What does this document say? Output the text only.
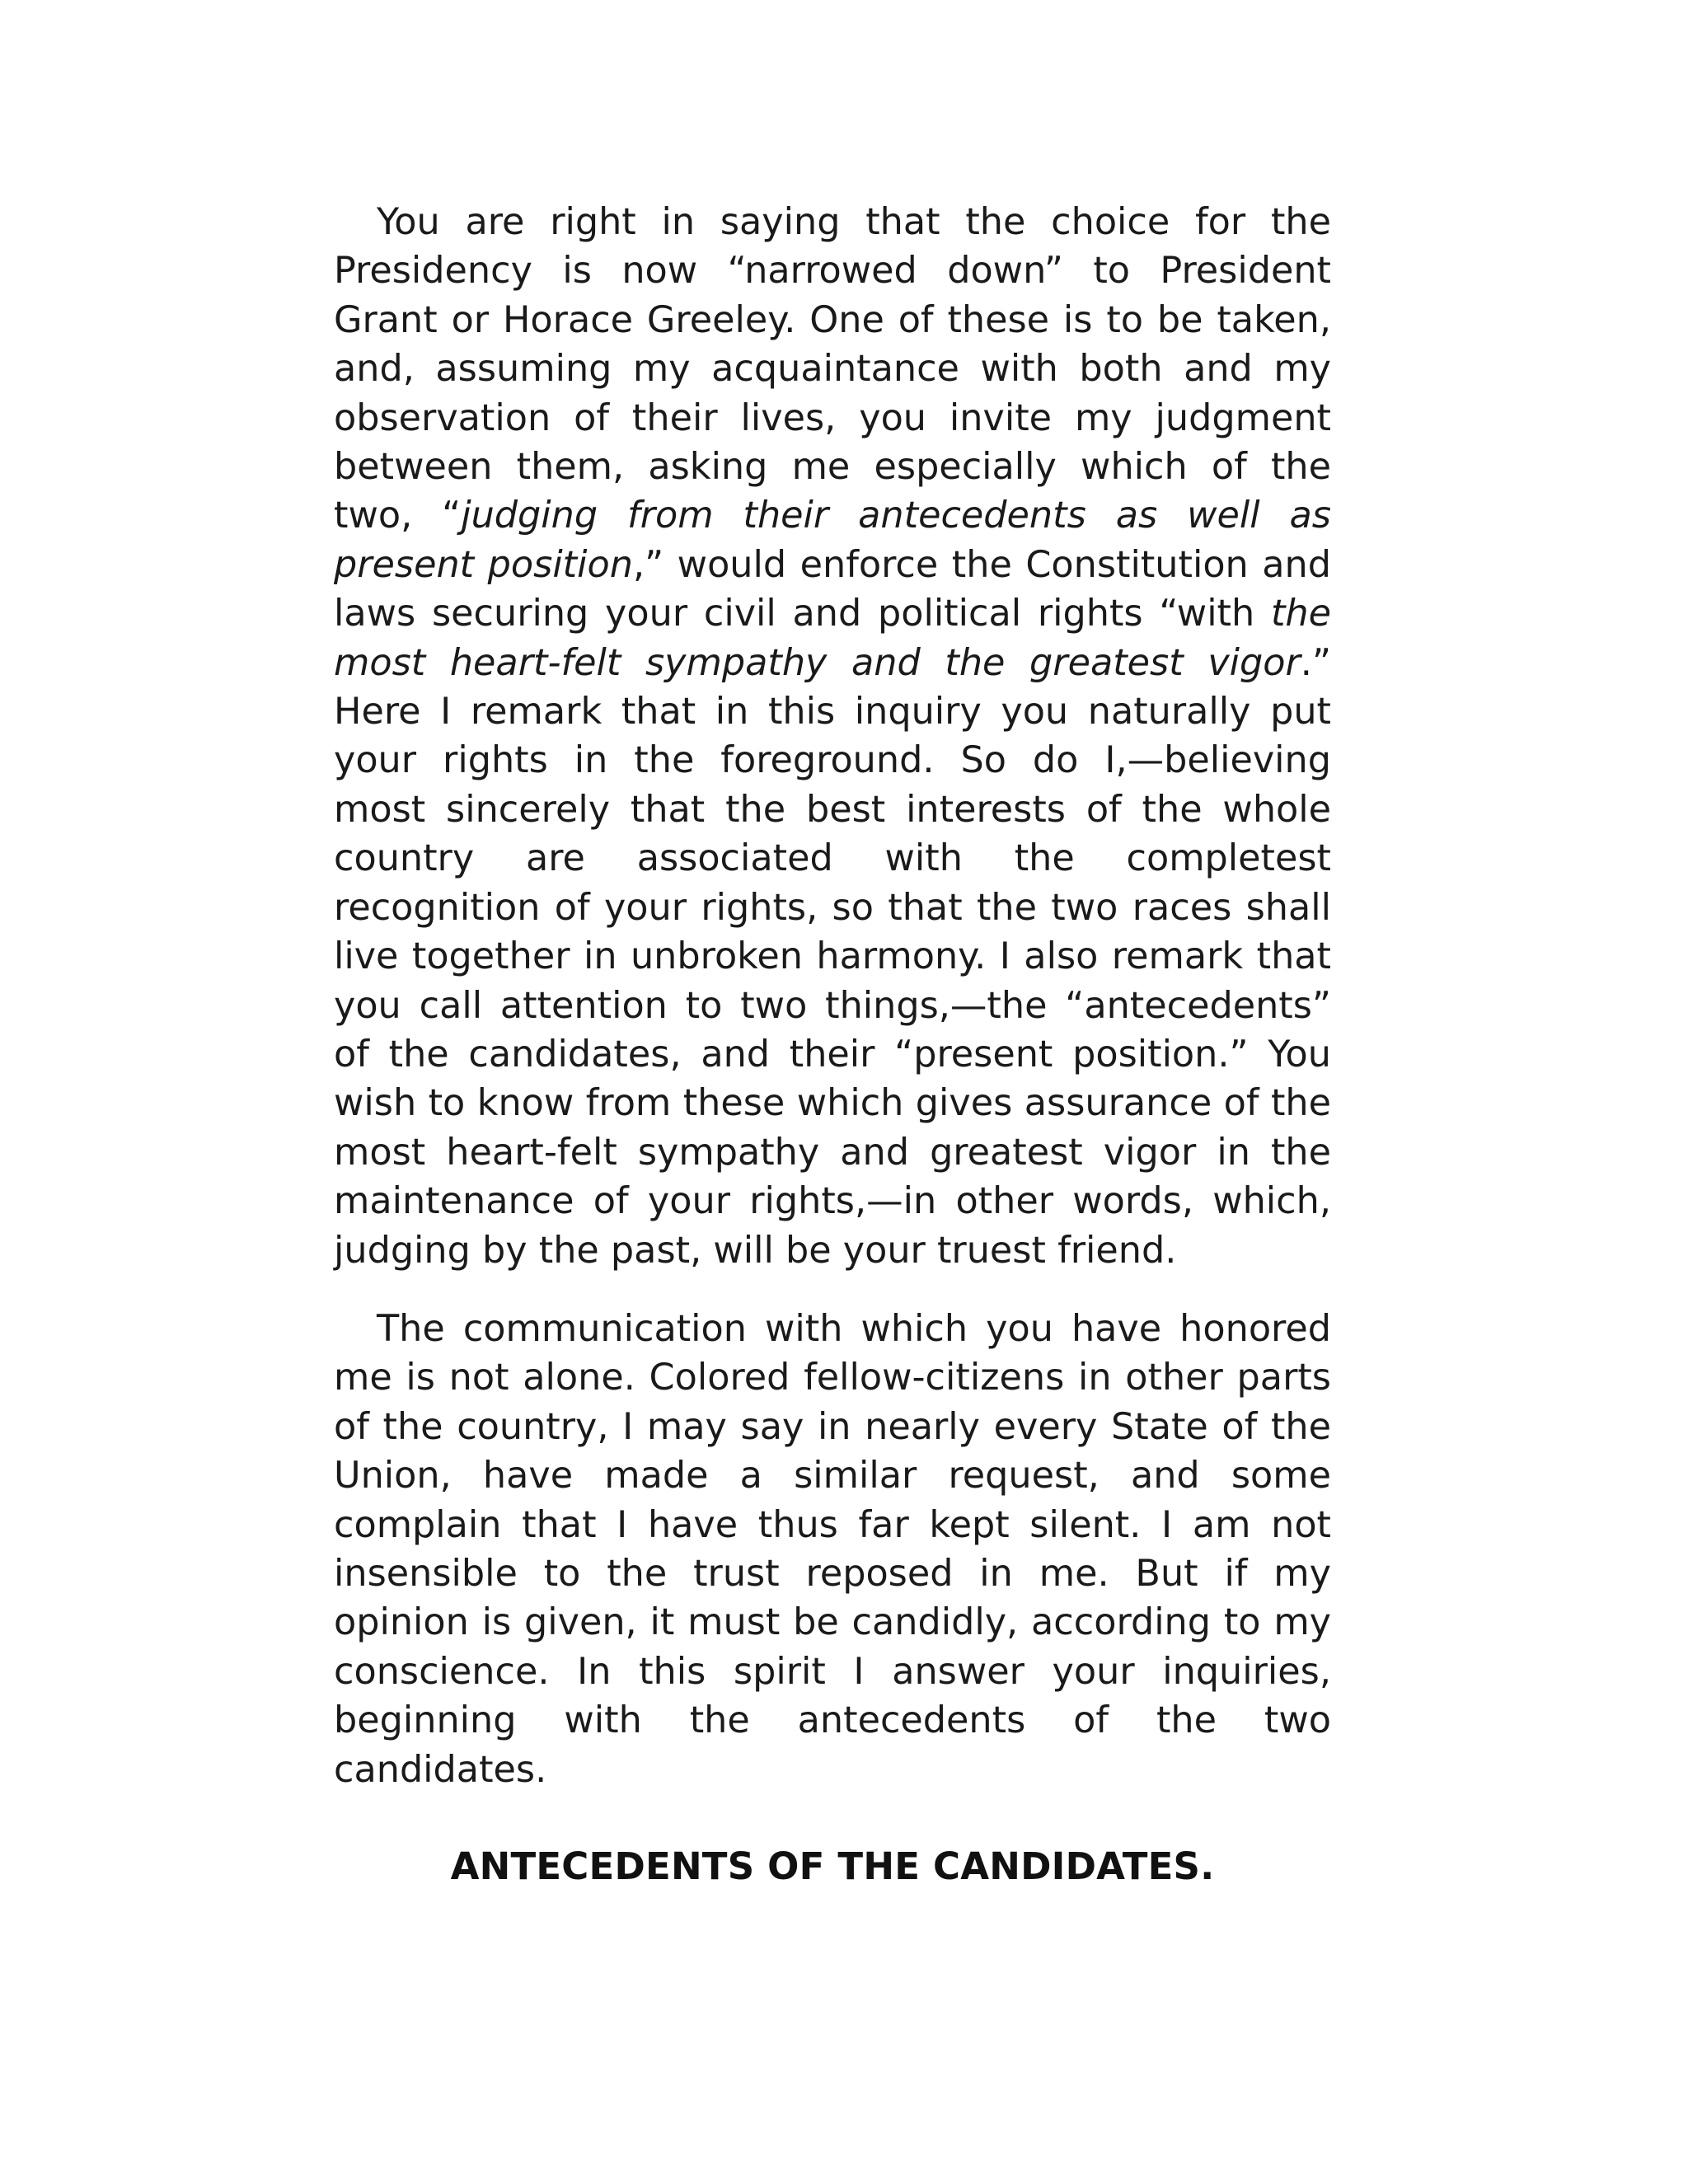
You are right in saying that the choice for the Presidency is now “narrowed down” to President Grant or Horace Greeley. One of these is to be taken, and, assuming my acquaintance with both and my observation of their lives, you invite my judgment between them, asking me especially which of the two, “judging from their antecedents as well as present position,” would enforce the Constitution and laws securing your civil and political rights “with the most heart-felt sympathy and the greatest vigor.” Here I remark that in this inquiry you naturally put your rights in the foreground. So do I,—believing most sincerely that the best interests of the whole country are associated with the completest recognition of your rights, so that the two races shall live together in unbroken harmony. I also remark that you call attention to two things,—the “antecedents” of the candidates, and their “present position.” You wish to know from these which gives assurance of the most heart-felt sympathy and greatest vigor in the maintenance of your rights,—in other words, which, judging by the past, will be your truest friend.

The communication with which you have honored me is not alone. Colored fellow-citizens in other parts of the country, I may say in nearly every State of the Union, have made a similar request, and some complain that I have thus far kept silent. I am not insensible to the trust reposed in me. But if my opinion is given, it must be candidly, according to my conscience. In this spirit I answer your inquiries, beginning with the antecedents of the two candidates.

ANTECEDENTS OF THE CANDIDATES.
